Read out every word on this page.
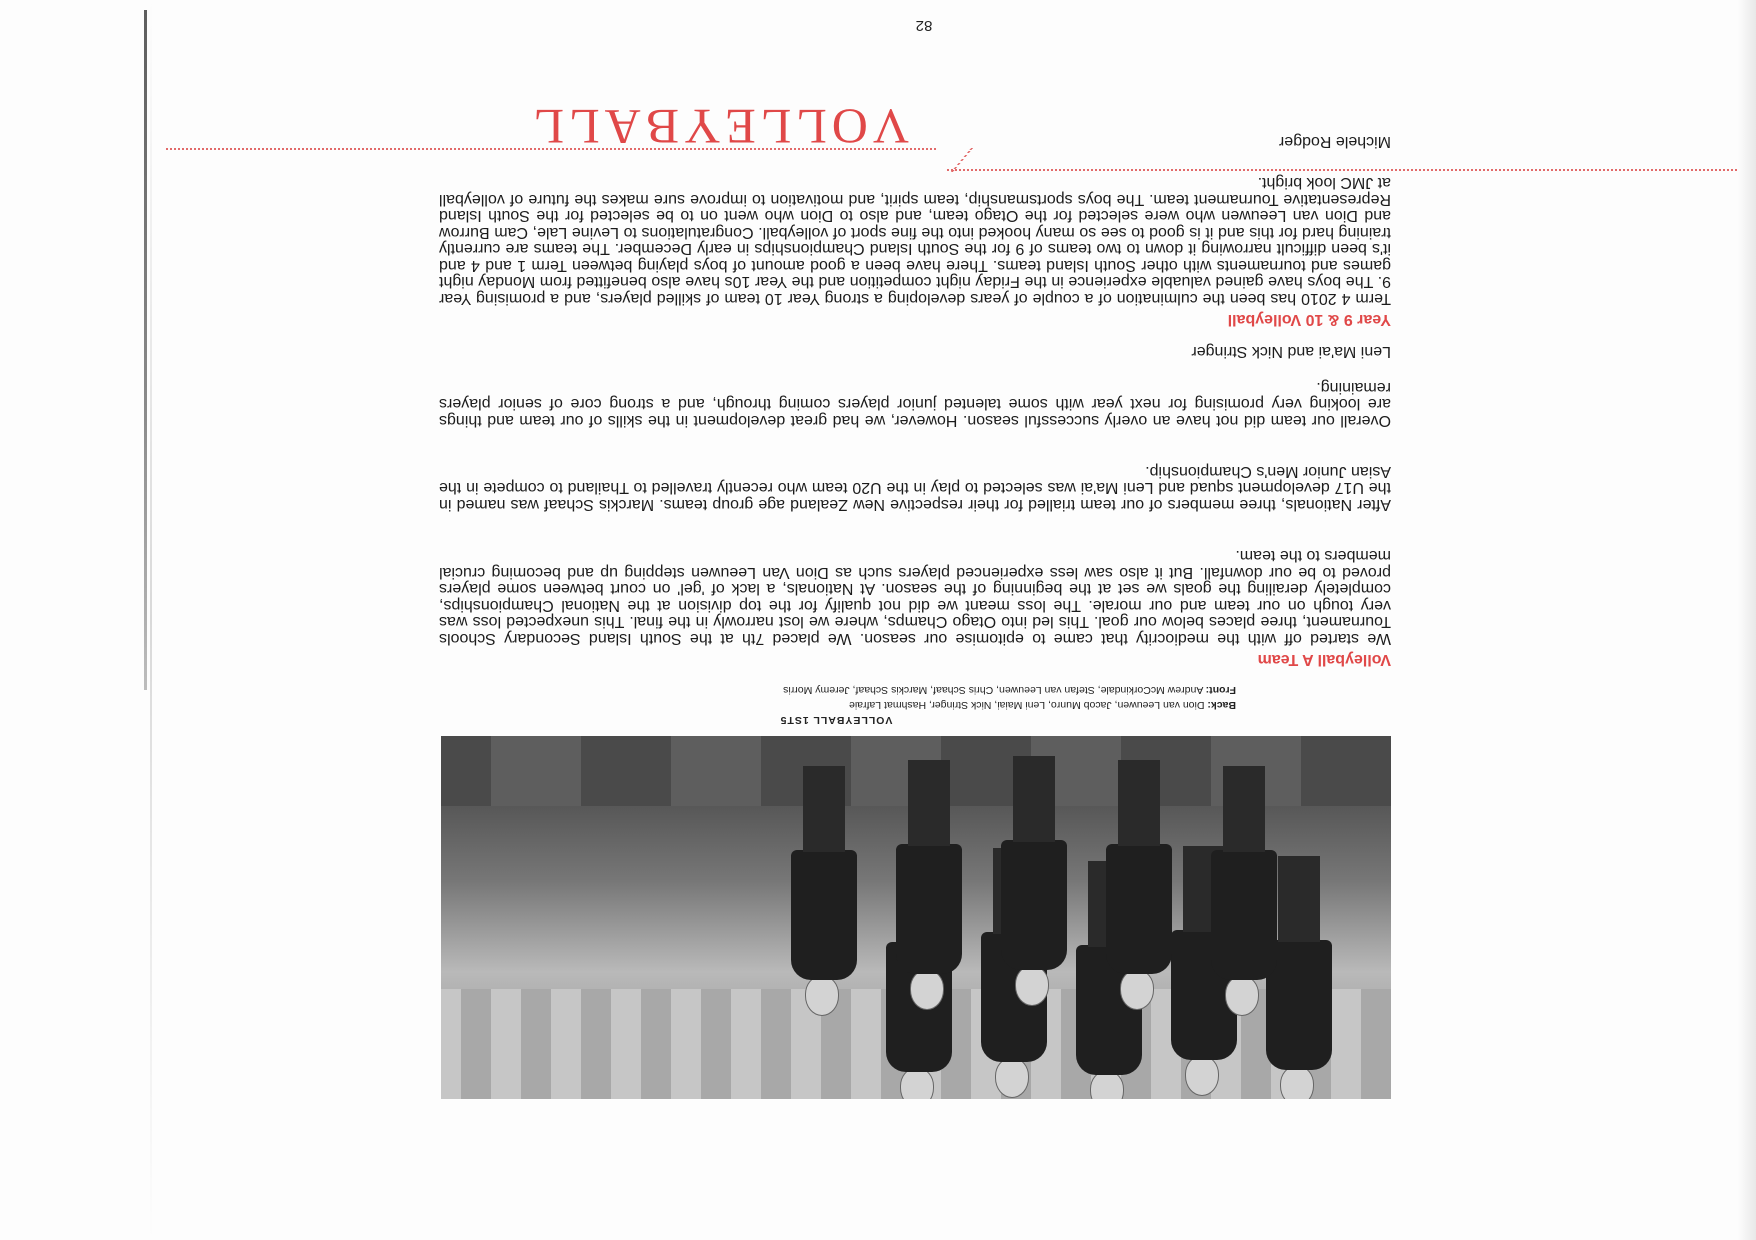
VOLLEYBALL
VOLLEYBALL 1ST5
Back: Dion van Leeuwen, Jacob Munro, Leni Maiai, Nick Stringer, Hashmat Lafraie
Front: Andrew McCorkindale, Stefan van Leeuwen, Chris Schaaf, Marckis Schaaf, Jeremy Morris
Volleyball A Team
We started off with the mediocrity that came to epitomise our season. We placed 7th at the South Island Secondary Schools Tournament, three places below our goal. This led into Otago Champs, where we lost narrowly in the final. This unexpected loss was very tough on our team and our morale. The loss meant we did not qualify for the top division at the National Championships, completely derailing the goals we set at the beginning of the season. At Nationals, a lack of 'gel' on court between some players proved to be our downfall. But it also saw less experienced players such as Dion Van Leeuwen stepping up and becoming crucial members to the team.
After Nationals, three members of our team trialled for their respective New Zealand age group teams. Marckis Schaaf was named in the U17 development squad and Leni Ma'ai was selected to play in the U20 team who recently travelled to Thailand to compete in the Asian Junior Men's Championship.
Overall our team did not have an overly successful season. However, we had great development in the skills of our team and things are looking very promising for next year with some talented junior players coming through, and a strong core of senior players remaining.
Leni Ma'ai and Nick Stringer
Year 9 & 10 Volleyball
Term 4 2010 has been the culmination of a couple of years developing a strong Year 10 team of skilled players, and a promising Year 9. The boys have gained valuable experience in the Friday night competition and the Year 10s have also benefitted from Monday night games and tournaments with other South Island teams. There have been a good amount of boys playing between Term 1 and 4 and it's been difficult narrowing it down to two teams of 9 for the South Island Championships in early December. The teams are currently training hard for this and it is good to see so many hooked into the fine sport of volleyball. Congratulations to Levine Lale, Cam Burrow and Dion van Leeuwen who were selected for the Otago team, and also to Dion who went on to be selected for the South Island Representative Tournament team. The boys sportsmanship, team spirit, and motivation to improve sure makes the future of volleyball at JMC look bright.
Michele Rodger
82
